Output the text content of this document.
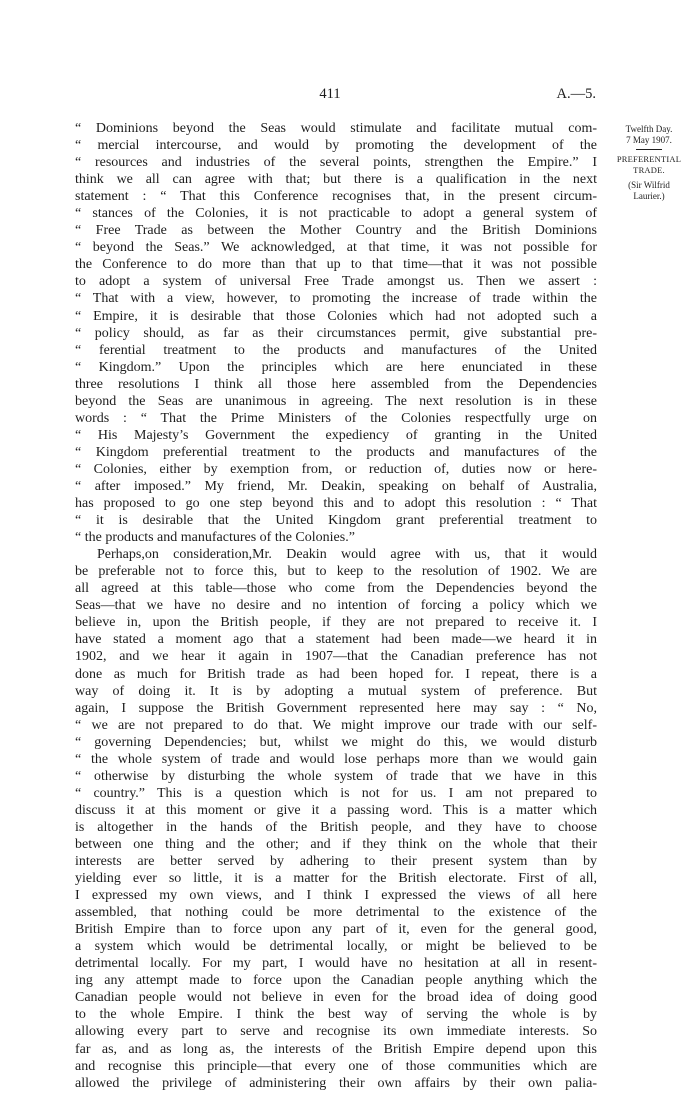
411	A.—5.
“ Dominions beyond the Seas would stimulate and facilitate mutual com-
“ mercial intercourse, and would by promoting the development of the
“ resources and industries of the several points, strengthen the Empire.” I
think we all can agree with that; but there is a qualification in the next
statement : “ That this Conference recognises that, in the present circum-
“ stances of the Colonies, it is not practicable to adopt a general system of
“ Free Trade as between the Mother Country and the British Dominions
“ beyond the Seas.” We acknowledged, at that time, it was not possible for
the Conference to do more than that up to that time—that it was not possible
to adopt a system of universal Free Trade amongst us. Then we assert :
“ That with a view, however, to promoting the increase of trade within the
“ Empire, it is desirable that those Colonies which had not adopted such a
“ policy should, as far as their circumstances permit, give substantial pre-
“ ferential treatment to the products and manufactures of the United
“ Kingdom.” Upon the principles which are here enunciated in these
three resolutions I think all those here assembled from the Dependencies
beyond the Seas are unanimous in agreeing. The next resolution is in these
words : “ That the Prime Ministers of the Colonies respectfully urge on
“ His Majesty’s Government the expediency of granting in the United
“ Kingdom preferential treatment to the products and manufactures of the
“ Colonies, either by exemption from, or reduction of, duties now or here-
“ after imposed.” My friend, Mr. Deakin, speaking on behalf of Australia,
has proposed to go one step beyond this and to adopt this resolution : “ That
“ it is desirable that the United Kingdom grant preferential treatment to
“ the products and manufactures of the Colonies.”
Perhaps,on consideration,Mr. Deakin would agree with us, that it would
be preferable not to force this, but to keep to the resolution of 1902. We are
all agreed at this table—those who come from the Dependencies beyond the
Seas—that we have no desire and no intention of forcing a policy which we
believe in, upon the British people, if they are not prepared to receive it. I
have stated a moment ago that a statement had been made—we heard it in
1902, and we hear it again in 1907—that the Canadian preference has not
done as much for British trade as had been hoped for. I repeat, there is a
way of doing it. It is by adopting a mutual system of preference. But
again, I suppose the British Government represented here may say : “ No,
“ we are not prepared to do that. We might improve our trade with our self-
“ governing Dependencies; but, whilst we might do this, we would disturb
“ the whole system of trade and would lose perhaps more than we would gain
“ otherwise by disturbing the whole system of trade that we have in this
“ country.” This is a question which is not for us. I am not prepared to
discuss it at this moment or give it a passing word. This is a matter which
is altogether in the hands of the British people, and they have to choose
between one thing and the other; and if they think on the whole that their
interests are better served by adhering to their present system than by
yielding ever so little, it is a matter for the British electorate. First of all,
I expressed my own views, and I think I expressed the views of all here
assembled, that nothing could be more detrimental to the existence of the
British Empire than to force upon any part of it, even for the general good,
a system which would be detrimental locally, or might be believed to be
detrimental locally. For my part, I would have no hesitation at all in resent-
ing any attempt made to force upon the Canadian people anything which the
Canadian people would not believe in even for the broad idea of doing good
to the whole Empire. I think the best way of serving the whole is by
allowing every part to serve and recognise its own immediate interests. So
far as, and as long as, the interests of the British Empire depend upon this
and recognise this principle—that every one of those communities which are
allowed the privilege of administering their own affairs by their own palia-
Twelfth Day.
7 May 1907.
PREFERENTIAL
TRADE.
(Sir Wilfrid
Laurier.)
